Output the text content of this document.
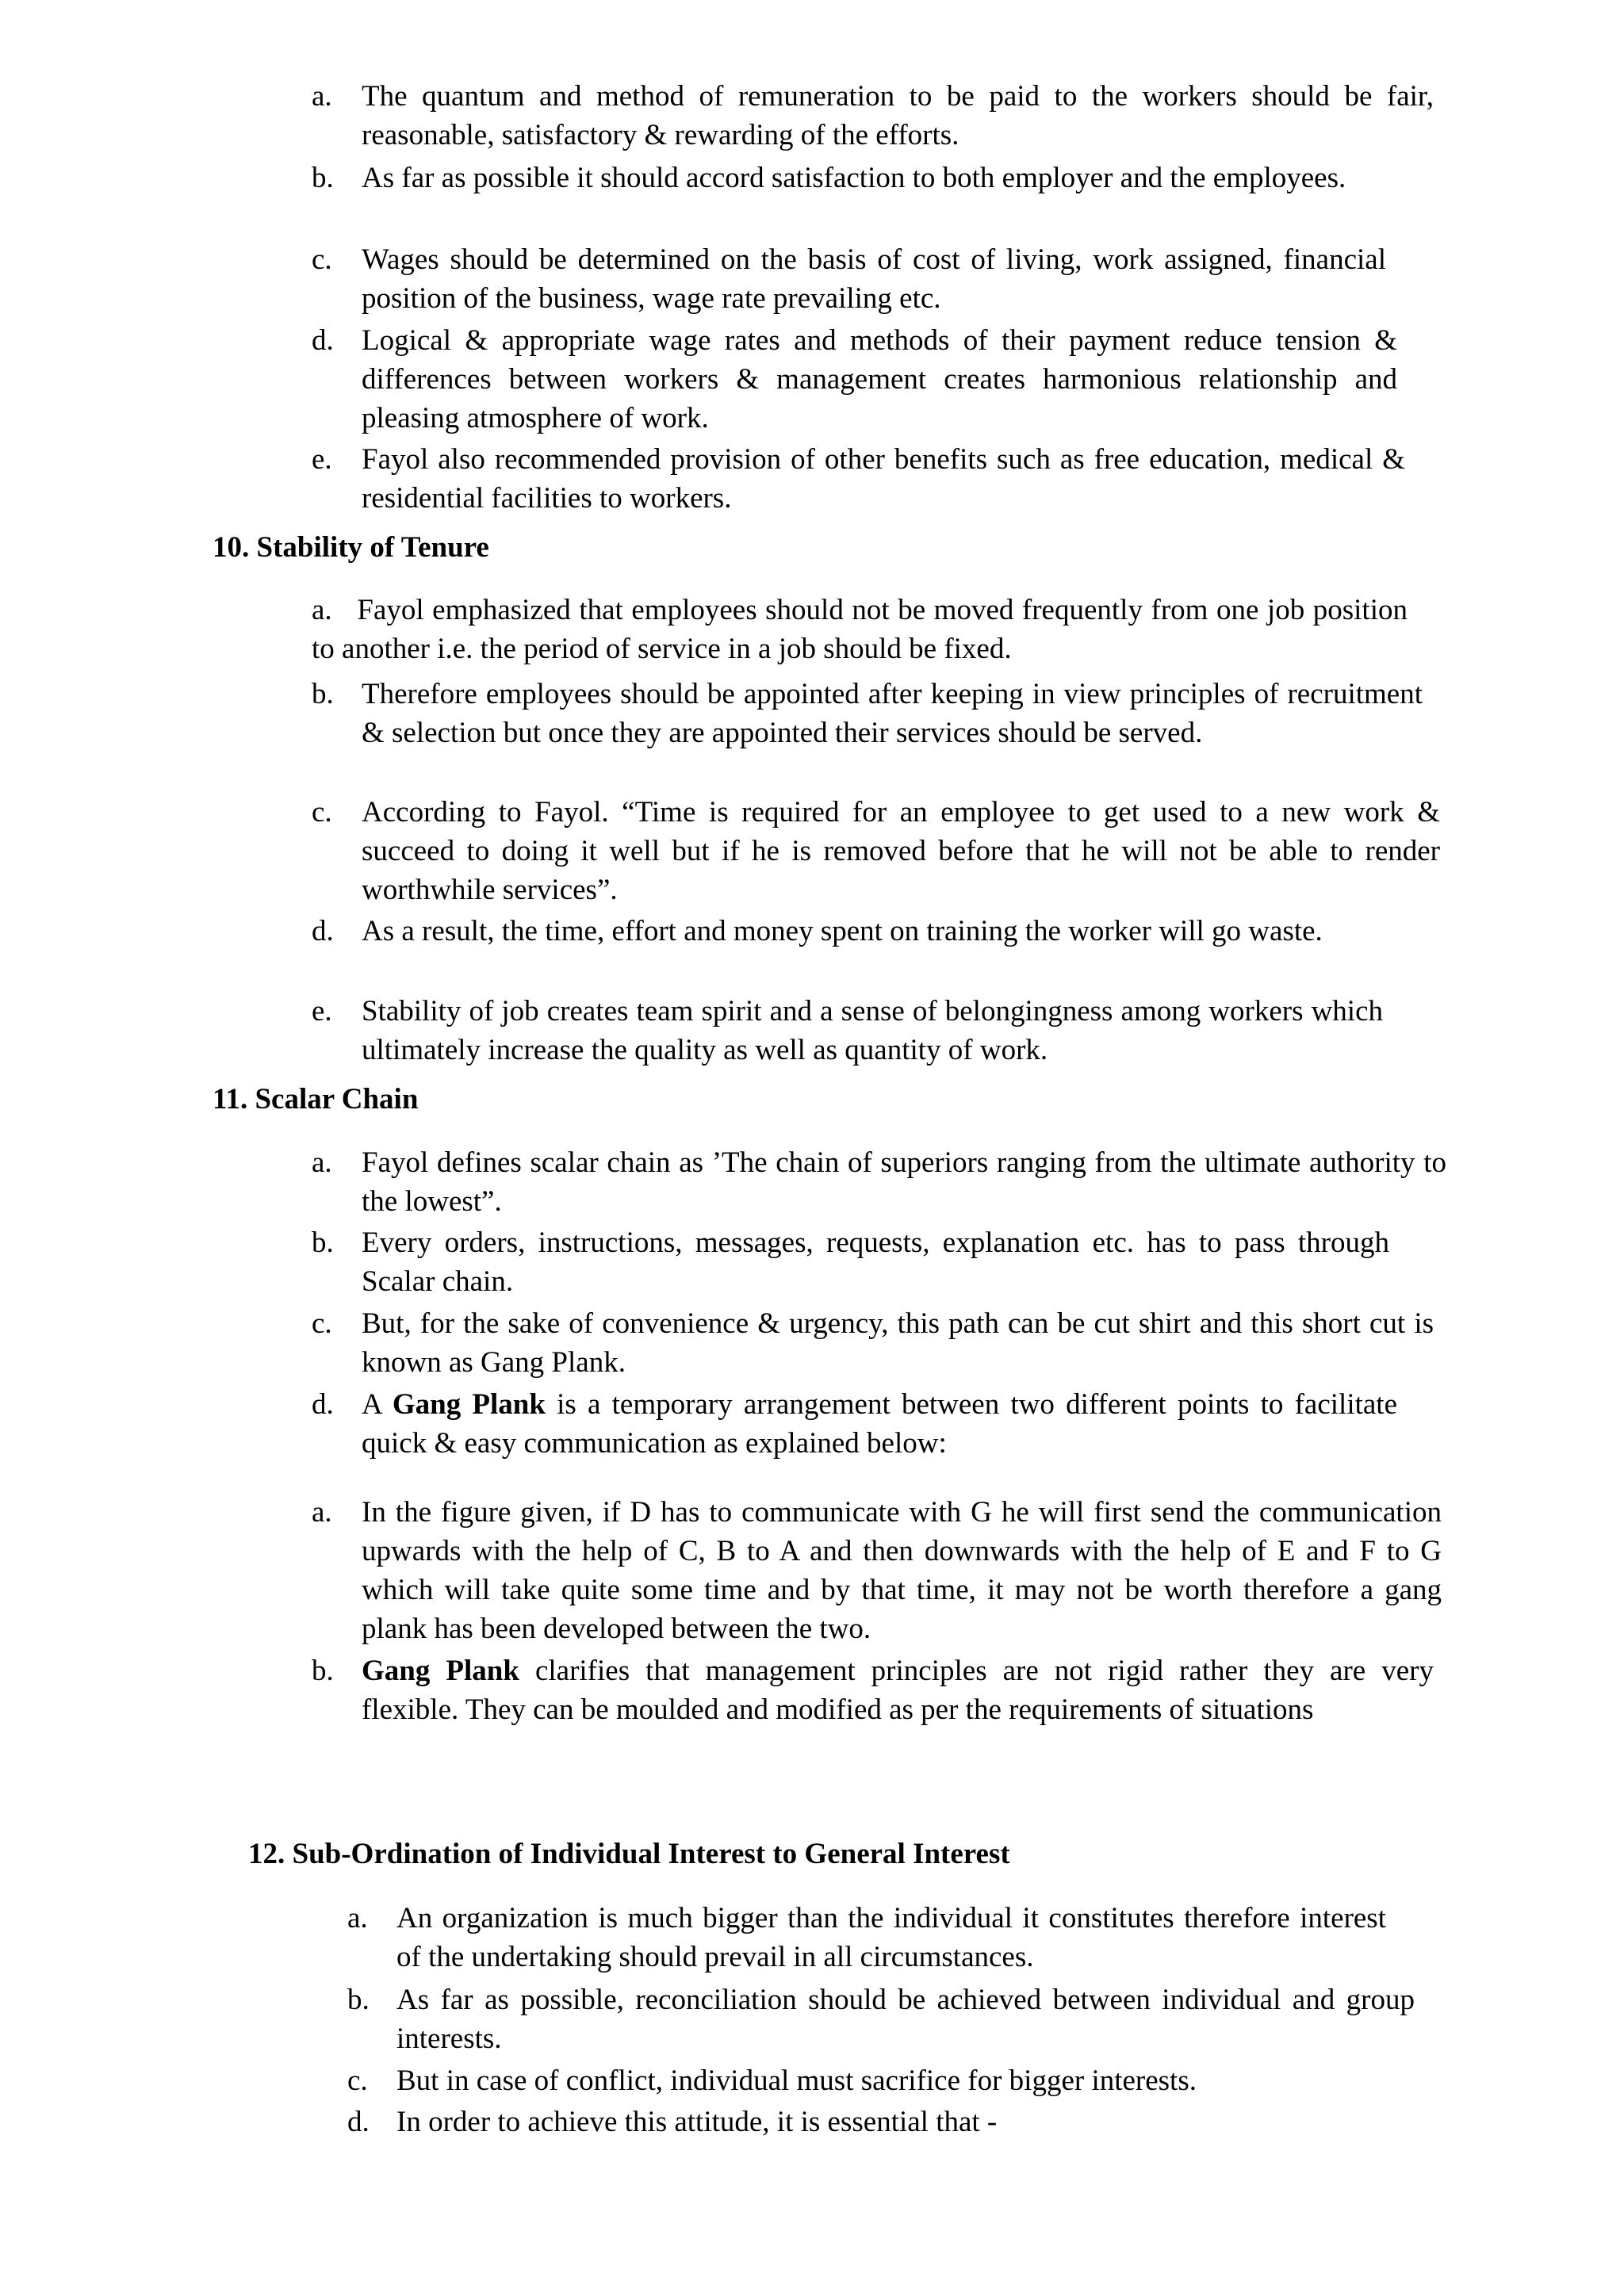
a. The quantum and method of remuneration to be paid to the workers should be fair, reasonable, satisfactory & rewarding of the efforts.
b. As far as possible it should accord satisfaction to both employer and the employees.
c. Wages should be determined on the basis of cost of living, work assigned, financial position of the business, wage rate prevailing etc.
d. Logical & appropriate wage rates and methods of their payment reduce tension & differences between workers & management creates harmonious relationship and pleasing atmosphere of work.
e. Fayol also recommended provision of other benefits such as free education, medical & residential facilities to workers.
10. Stability of Tenure
a. Fayol emphasized that employees should not be moved frequently from one job position to another i.e. the period of service in a job should be fixed.
b. Therefore employees should be appointed after keeping in view principles of recruitment & selection but once they are appointed their services should be served.
c. According to Fayol. “Time is required for an employee to get used to a new work & succeed to doing it well but if he is removed before that he will not be able to render worthwhile services”.
d. As a result, the time, effort and money spent on training the worker will go waste.
e. Stability of job creates team spirit and a sense of belongingness among workers which ultimately increase the quality as well as quantity of work.
11. Scalar Chain
a. Fayol defines scalar chain as ’The chain of superiors ranging from the ultimate authority to the lowest”.
b. Every orders, instructions, messages, requests, explanation etc. has to pass through Scalar chain.
c. But, for the sake of convenience & urgency, this path can be cut shirt and this short cut is known as Gang Plank.
d. A Gang Plank is a temporary arrangement between two different points to facilitate quick & easy communication as explained below:
a. In the figure given, if D has to communicate with G he will first send the communication upwards with the help of C, B to A and then downwards with the help of E and F to G which will take quite some time and by that time, it may not be worth therefore a gang plank has been developed between the two.
b. Gang Plank clarifies that management principles are not rigid rather they are very flexible. They can be moulded and modified as per the requirements of situations
12. Sub-Ordination of Individual Interest to General Interest
a. An organization is much bigger than the individual it constitutes therefore interest of the undertaking should prevail in all circumstances.
b. As far as possible, reconciliation should be achieved between individual and group interests.
c. But in case of conflict, individual must sacrifice for bigger interests.
d. In order to achieve this attitude, it is essential that -
